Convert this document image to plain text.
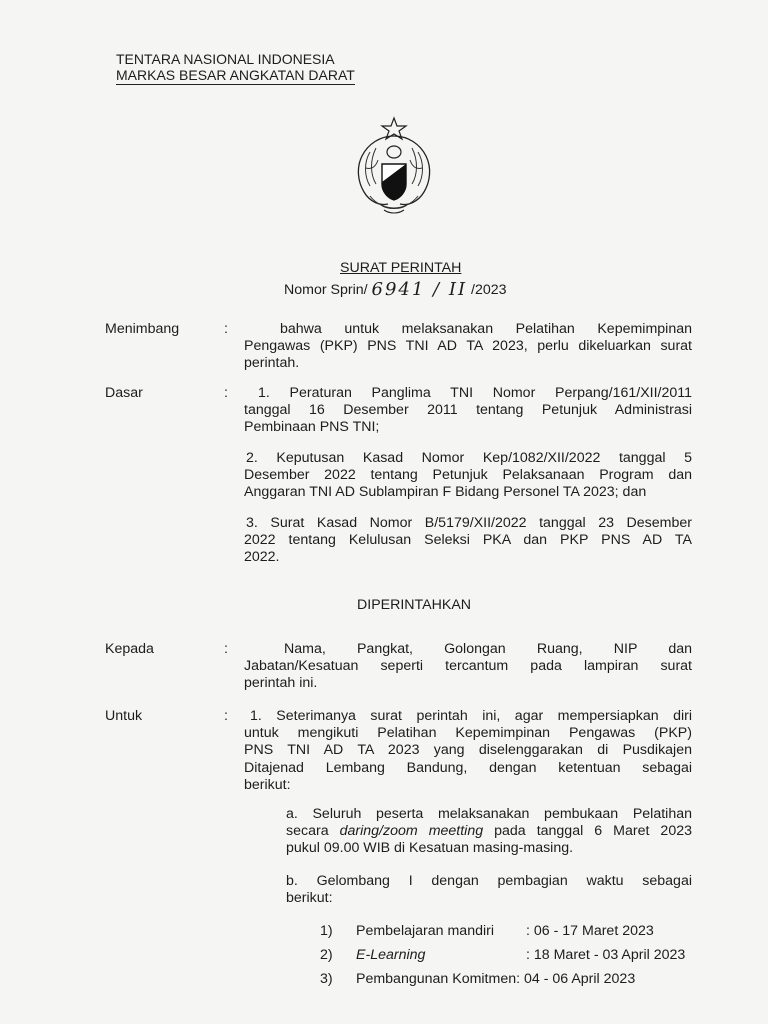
TENTARA NASIONAL INDONESIA
MARKAS BESAR ANGKATAN DARAT
SURAT PERINTAH
Nomor Sprin/ 6941 / II /2023
Menimbang	:	bahwa untuk melaksanakan Pelatihan Kepemimpinan
Pengawas (PKP) PNS TNI AD TA 2023, perlu dikeluarkan surat
perintah.
Dasar	:	1. Peraturan Panglima TNI Nomor Perpang/161/XII/2011
tanggal 16 Desember 2011 tentang Petunjuk Administrasi
Pembinaan PNS TNI;
2. Keputusan Kasad Nomor Kep/1082/XII/2022 tanggal 5
Desember 2022 tentang Petunjuk Pelaksanaan Program dan
Anggaran TNI AD Sublampiran F Bidang Personel TA 2023; dan
3. Surat Kasad Nomor B/5179/XII/2022 tanggal 23 Desember
2022 tentang Kelulusan Seleksi PKA dan PKP PNS AD TA
2022.
DIPERINTAHKAN
Kepada	:	Nama, Pangkat, Golongan Ruang, NIP dan
Jabatan/Kesatuan seperti tercantum pada lampiran surat
perintah ini.
Untuk	:	1. Seterimanya surat perintah ini, agar mempersiapkan diri
untuk mengikuti Pelatihan Kepemimpinan Pengawas (PKP)
PNS TNI AD TA 2023 yang diselenggarakan di Pusdikajen
Ditajenad Lembang Bandung, dengan ketentuan sebagai
berikut:
a. Seluruh peserta melaksanakan pembukaan Pelatihan
secara daring/zoom meetting pada tanggal 6 Maret 2023
pukul 09.00 WIB di Kesatuan masing-masing.
b. Gelombang I dengan pembagian waktu sebagai
berikut:
1) Pembelajaran mandiri : 06 - 17 Maret 2023
2) E-Learning	: 18 Maret - 03 April 2023
3) Pembangunan Komitmen: 04 - 06 April 2023
